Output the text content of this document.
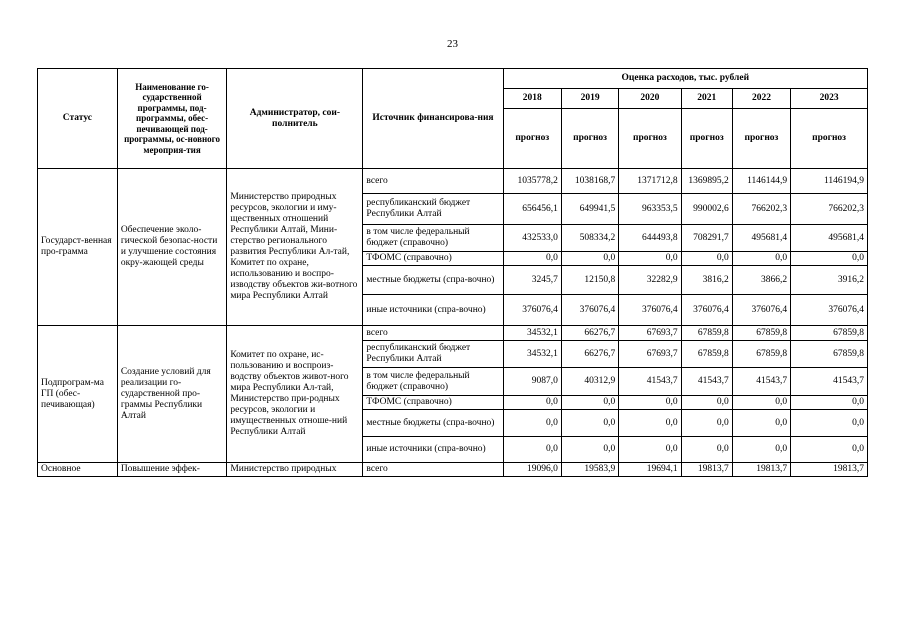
23
Статус	Наименование го-сударственной программы, под-программы, обес-печивающей под-программы, ос-новного мероприя-тия	Администратор, сои-полнитель	Источник финансирова-ния	Оценка расходов, тыс. рублей					
				2018	2019	2020	2021	2022	2023
				прогноз	прогноз	прогноз	прогноз	прогноз	прогноз
Государст-венная про-грамма	Обеспечение эколо-гической безопас-ности и улучшение состояния окру-жающей среды	Министерство природных ресурсов, экологии и иму-щественных отношений Республики Алтай, Мини-стерство регионального развития Республики Ал-тай, Комитет по охране, использованию и воспро-изводству объектов жи-вотного мира Республики Алтай	всего	1035778,2	1038168,7	1371712,8	1369895,2	1146144,9	1146194,9
			республиканский бюджет Республики Алтай	656456,1	649941,5	963353,5	990002,6	766202,3	766202,3
			в том числе федеральный бюджет (справочно)	432533,0	508334,2	644493,8	708291,7	495681,4	495681,4
			ТФОМС (справочно)	0,0	0,0	0,0	0,0	0,0	0,0
			местные бюджеты (спра-вочно)	3245,7	12150,8	32282,9	3816,2	3866,2	3916,2
			иные источники (спра-вочно)	376076,4	376076,4	376076,4	376076,4	376076,4	376076,4
Подпрограм-ма ГП (обес-печивающая)	Создание условий для реализации го-сударственной про-граммы Республики Алтай	Комитет по охране, ис-пользованию и воспроиз-водству объектов живот-ного мира Республики Ал-тай, Министерство при-родных ресурсов, экологии и имущественных отноше-ний Республики Алтай	всего	34532,1	66276,7	67693,7	67859,8	67859,8	67859,8
			республиканский бюджет Республики Алтай	34532,1	66276,7	67693,7	67859,8	67859,8	67859,8
			в том числе федеральный бюджет (справочно)	9087,0	40312,9	41543,7	41543,7	41543,7	41543,7
			ТФОМС (справочно)	0,0	0,0	0,0	0,0	0,0	0,0
			местные бюджеты (спра-вочно)	0,0	0,0	0,0	0,0	0,0	0,0
			иные источники (спра-вочно)	0,0	0,0	0,0	0,0	0,0	0,0
Основное	Повышение эффек-	Министерство природных	всего	19096,0	19583,9	19694,1	19813,7	19813,7	19813,7
